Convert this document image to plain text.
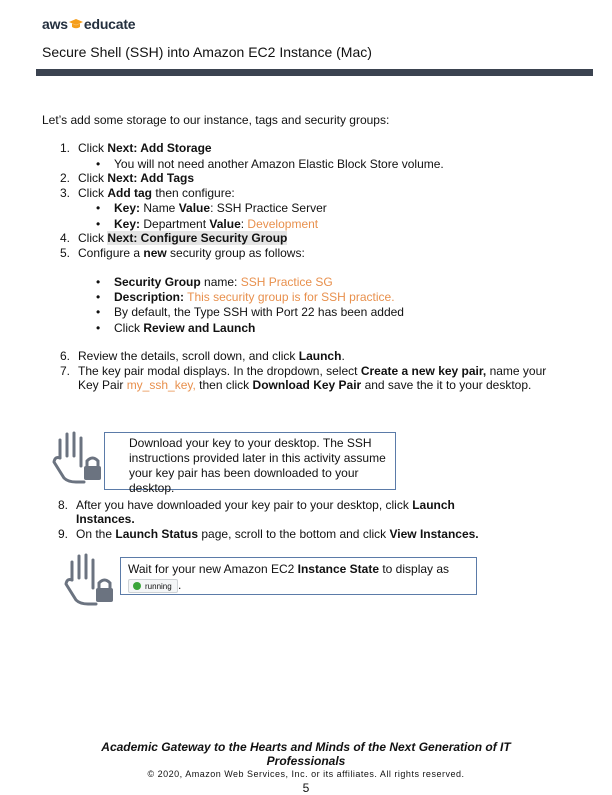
aws educate
Secure Shell (SSH) into Amazon EC2 Instance (Mac)
Let’s add some storage to our instance, tags and security groups:
1. Click Next: Add Storage
• You will not need another Amazon Elastic Block Store volume.
2. Click Next: Add Tags
3. Click Add tag then configure:
• Key: Name Value: SSH Practice Server
• Key: Department Value: Development
4. Click Next: Configure Security Group
5. Configure a new security group as follows:
• Security Group name: SSH Practice SG
• Description: This security group is for SSH practice.
• By default, the Type SSH with Port 22 has been added
• Click Review and Launch
6. Review the details, scroll down, and click Launch.
7. The key pair modal displays. In the dropdown, select Create a new key pair, name your
Key Pair my_ssh_key, then click Download Key Pair and save the it to your desktop.
Download your key to your desktop. The SSH
instructions provided later in this activity assume
your key pair has been downloaded to your
desktop.
8. After you have downloaded your key pair to your desktop, click Launch
Instances.
9. On the Launch Status page, scroll to the bottom and click View Instances.
Wait for your new Amazon EC2 Instance State to display as
running .
Academic Gateway to the Hearts and Minds of the Next Generation of IT
Professionals
© 2020, Amazon Web Services, Inc. or its affiliates. All rights reserved.
5
